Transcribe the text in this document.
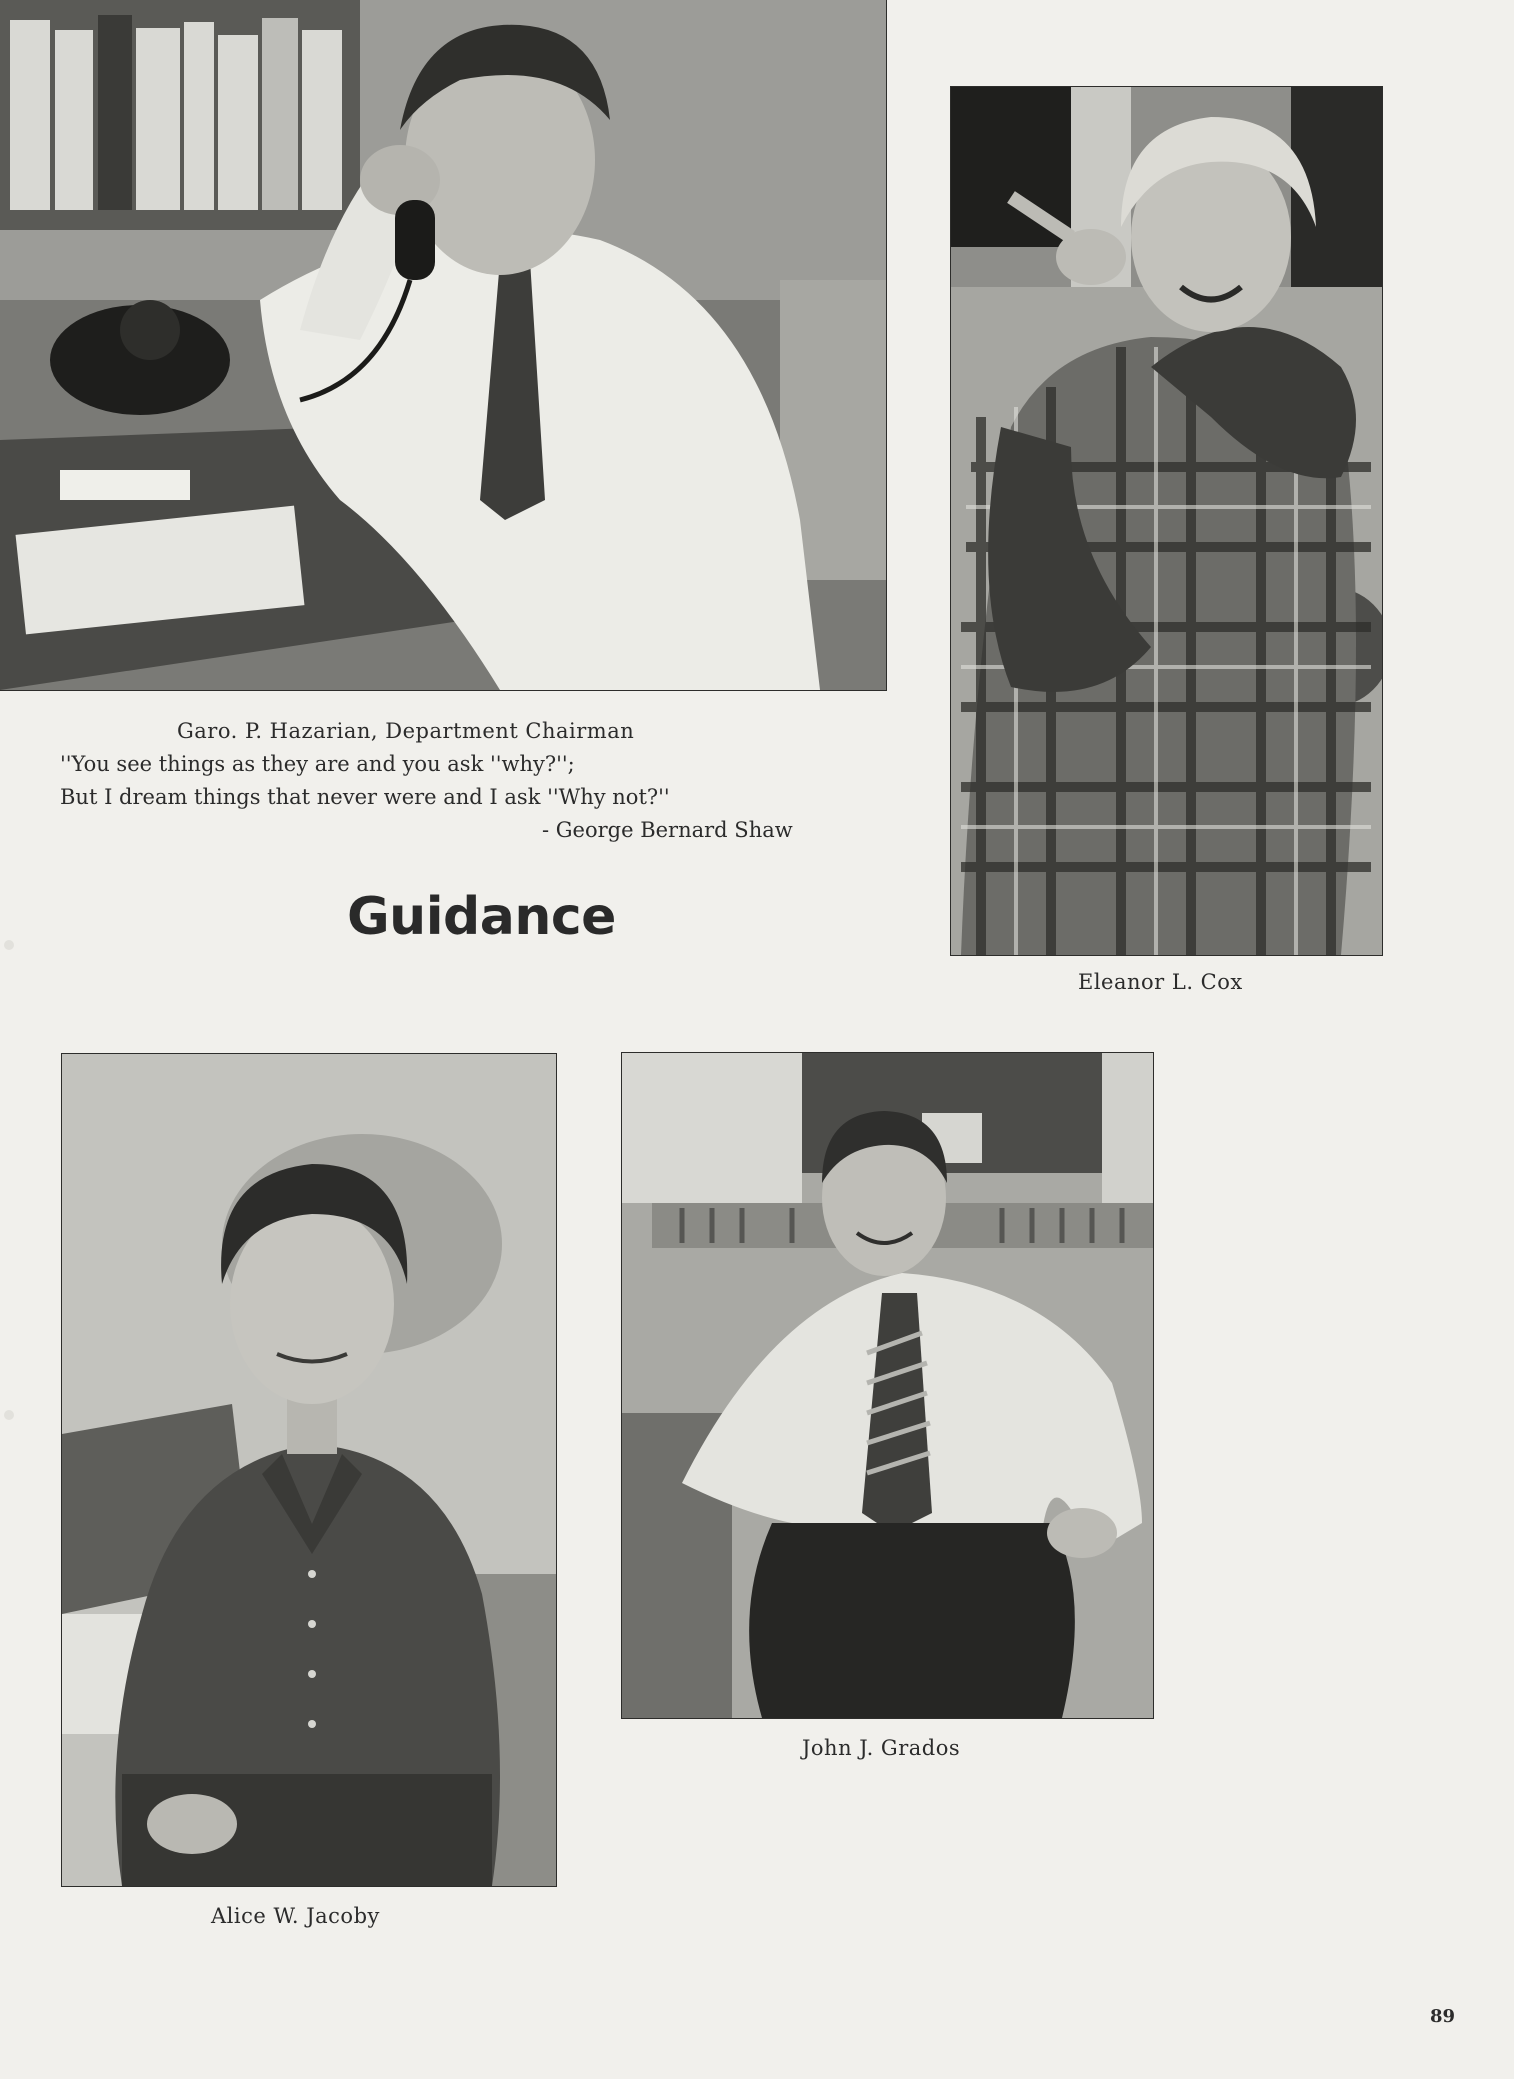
Garo. P. Hazarian, Department Chairman
''You see things as they are and you ask ''why?'';
But I dream things that never were and I ask ''Why not?''
- George Bernard Shaw
Guidance
Eleanor L. Cox
Alice W. Jacoby
John J. Grados
89
